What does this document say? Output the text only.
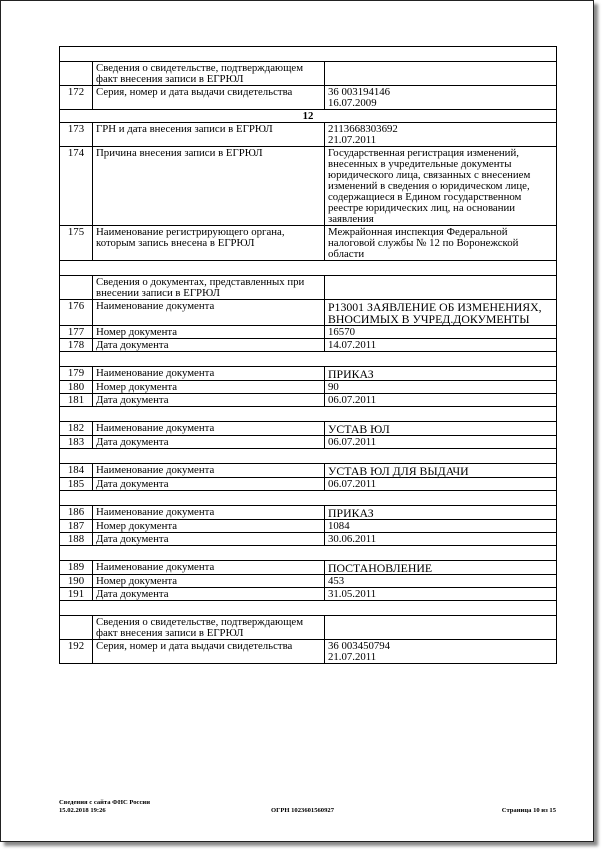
	Сведения о свидетельстве, подтверждающем факт внесения записи в ЕГРЮЛ	
172	Серия, номер и дата выдачи свидетельства	36 003194146
16.07.2009
12		
173	ГРН и дата внесения записи в ЕГРЮЛ	2113668303692
21.07.2011
174	Причина внесения записи в ЕГРЮЛ	Государственная регистрация изменений, внесенных в учредительные документы юридического лица, связанных с внесением изменений в сведения о юридическом лице, содержащиеся в Едином государственном реестре юридических лиц, на основании заявления
175	Наименование регистрирующего органа, которым запись внесена в ЕГРЮЛ	Межрайонная инспекция Федеральной налоговой службы № 12 по Воронежской области

	Сведения о документах, представленных при внесении записи в ЕГРЮЛ	
176	Наименование документа	Р13001 ЗАЯВЛЕНИЕ ОБ ИЗМЕНЕНИЯХ, ВНОСИМЫХ В УЧРЕД.ДОКУМЕНТЫ
177	Номер документа	16570
178	Дата документа	14.07.2011

179	Наименование документа	ПРИКАЗ
180	Номер документа	90
181	Дата документа	06.07.2011

182	Наименование документа	УСТАВ ЮЛ
183	Дата документа	06.07.2011

184	Наименование документа	УСТАВ ЮЛ ДЛЯ ВЫДАЧИ
185	Дата документа	06.07.2011

186	Наименование документа	ПРИКАЗ
187	Номер документа	1084
188	Дата документа	30.06.2011

189	Наименование документа	ПОСТАНОВЛЕНИЕ
190	Номер документа	453
191	Дата документа	31.05.2011

	Сведения о свидетельстве, подтверждающем факт внесения записи в ЕГРЮЛ	
192	Серия, номер и дата выдачи свидетельства	36 003450794
21.07.2011
Сведения с сайта ФНС России
15.02.2018 19:26	ОГРН 1023601560927	Страница 10 из 15
